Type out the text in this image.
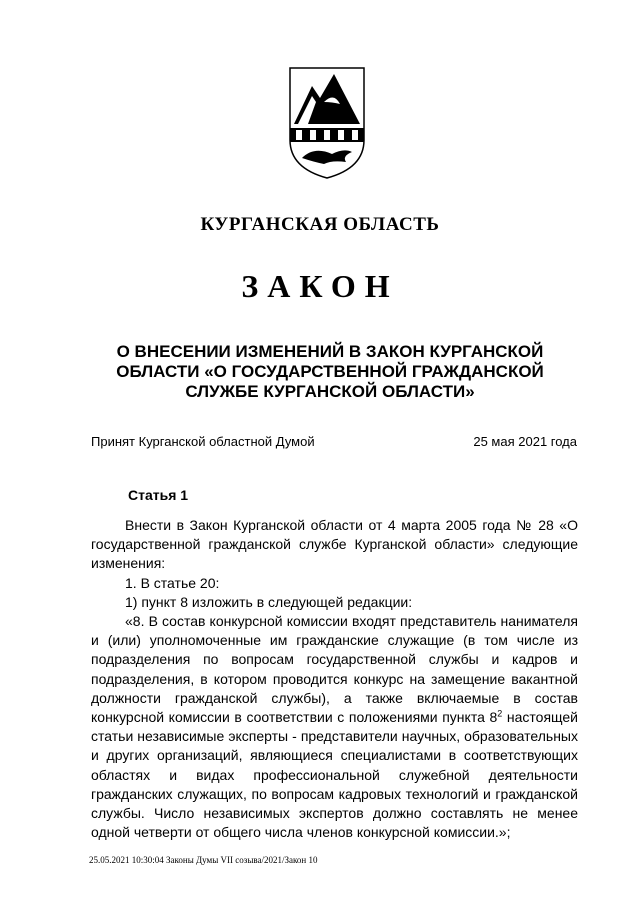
КУРГАНСКАЯ ОБЛАСТЬ
ЗАКОН
О ВНЕСЕНИИ ИЗМЕНЕНИЙ В ЗАКОН КУРГАНСКОЙ
ОБЛАСТИ «О ГОСУДАРСТВЕННОЙ ГРАЖДАНСКОЙ
СЛУЖБЕ КУРГАНСКОЙ ОБЛАСТИ»
Принят Курганской областной Думой	25 мая 2021 года
Статья 1

Внести в Закон Курганской области от 4 марта 2005 года № 28 «О государственной гражданской службе Курганской области» следующие изменения:

1. В статье 20:

1) пункт 8 изложить в следующей редакции:

«8. В состав конкурсной комиссии входят представитель нанимателя и (или) уполномоченные им гражданские служащие (в том числе из подразделения по вопросам государственной службы и кадров и подразделения, в котором проводится конкурс на замещение вакантной должности гражданской службы), а также включаемые в состав конкурсной комиссии в соответствии с положениями пункта $8^2$ настоящей статьи независимые эксперты - представители научных, образовательных и других организаций, являющиеся специалистами в соответствующих областях и видах профессиональной служебной деятельности гражданских служащих, по вопросам кадровых технологий и гражданской службы. Число независимых экспертов должно составлять не менее одной четверти от общего числа членов конкурсной комиссии.»;

25.05.2021 10:30:04 Законы Думы VII созыва/2021/Закон 10
